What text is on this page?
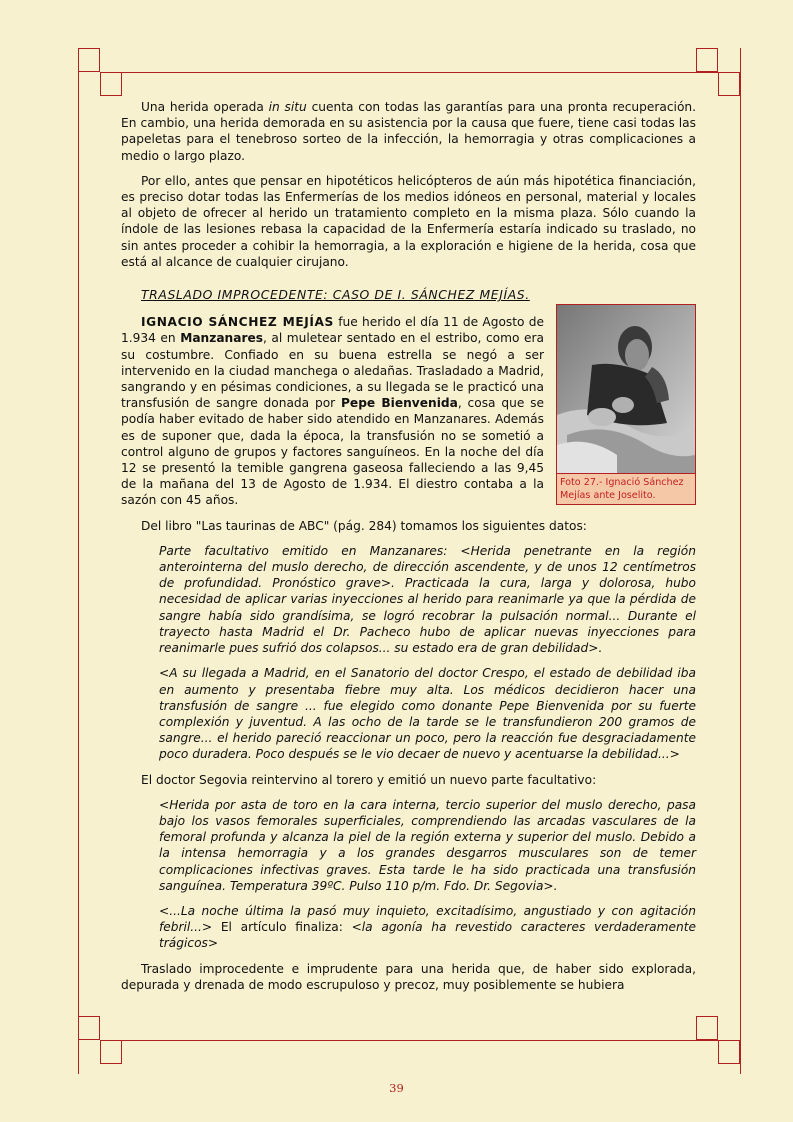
Una herida operada in situ cuenta con todas las garantías para una pronta recuperación. En cambio, una herida demorada en su asistencia por la causa que fuere, tiene casi todas las papeletas para el tenebroso sorteo de la infección, la hemorragia y otras complicaciones a medio o largo plazo.

Por ello, antes que pensar en hipotéticos helicópteros de aún más hipotética financiación, es preciso dotar todas las Enfermerías de los medios idóneos en personal, material y locales al objeto de ofrecer al herido un tratamiento completo en la misma plaza. Sólo cuando la índole de las lesiones rebasa la capacidad de la Enfermería estaría indicado su traslado, no sin antes proceder a cohibir la hemorragia, a la exploración e higiene de la herida, cosa que está al alcance de cualquier cirujano.

TRASLADO IMPROCEDENTE: CASO DE I. SÁNCHEZ MEJÍAS.
Foto 27.- Ignació Sánchez Mejías ante Joselito.

IGNACIO SÁNCHEZ MEJÍAS fue herido el día 11 de Agosto de 1.934 en Manzanares, al muletear sentado en el estribo, como era su costumbre. Confiado en su buena estrella se negó a ser intervenido en la ciudad manchega o aledañas. Trasladado a Madrid, sangrando y en pésimas condiciones, a su llegada se le practicó una transfusión de sangre donada por Pepe Bienvenida, cosa que se podía haber evitado de haber sido atendido en Manzanares. Además es de suponer que, dada la época, la transfusión no se sometió a control alguno de grupos y factores sanguíneos. En la noche del día 12 se presentó la temible gangrena gaseosa falleciendo a las 9,45 de la mañana del 13 de Agosto de 1.934. El diestro contaba a la sazón con 45 años.

Del libro "Las taurinas de ABC" (pág. 284) tomamos los siguientes datos:

Parte facultativo emitido en Manzanares: <Herida penetrante en la región anterointerna del muslo derecho, de dirección ascendente, y de unos 12 centímetros de profundidad. Pronóstico grave>. Practicada la cura, larga y dolorosa, hubo necesidad de aplicar varias inyecciones al herido para reanimarle ya que la pérdida de sangre había sido grandísima, se logró recobrar la pulsación normal... Durante el trayecto hasta Madrid el Dr. Pacheco hubo de aplicar nuevas inyecciones para reanimarle pues sufrió dos colapsos... su estado era de gran debilidad>.

<A su llegada a Madrid, en el Sanatorio del doctor Crespo, el estado de debilidad iba en aumento y presentaba fiebre muy alta. Los médicos decidieron hacer una transfusión de sangre ... fue elegido como donante Pepe Bienvenida por su fuerte complexión y juventud. A las ocho de la tarde se le transfundieron 200 gramos de sangre... el herido pareció reaccionar un poco, pero la reacción fue desgraciadamente poco duradera. Poco después se le vio decaer de nuevo y acentuarse la debilidad...>

El doctor Segovia reintervino al torero y emitió un nuevo parte facultativo:

<Herida por asta de toro en la cara interna, tercio superior del muslo derecho, pasa bajo los vasos femorales superficiales, comprendiendo las arcadas vasculares de la femoral profunda y alcanza la piel de la región externa y superior del muslo. Debido a la intensa hemorragia y a los grandes desgarros musculares son de temer complicaciones infectivas graves. Esta tarde le ha sido practicada una transfusión sanguínea. Temperatura 39ºC. Pulso 110 p/m. Fdo. Dr. Segovia>.

<...La noche última la pasó muy inquieto, excitadísimo, angustiado y con agitación febril...> El artículo finaliza: <la agonía ha revestido caracteres verdaderamente trágicos>

Traslado improcedente e imprudente para una herida que, de haber sido explorada, depurada y drenada de modo escrupuloso y precoz, muy posiblemente se hubiera

39
